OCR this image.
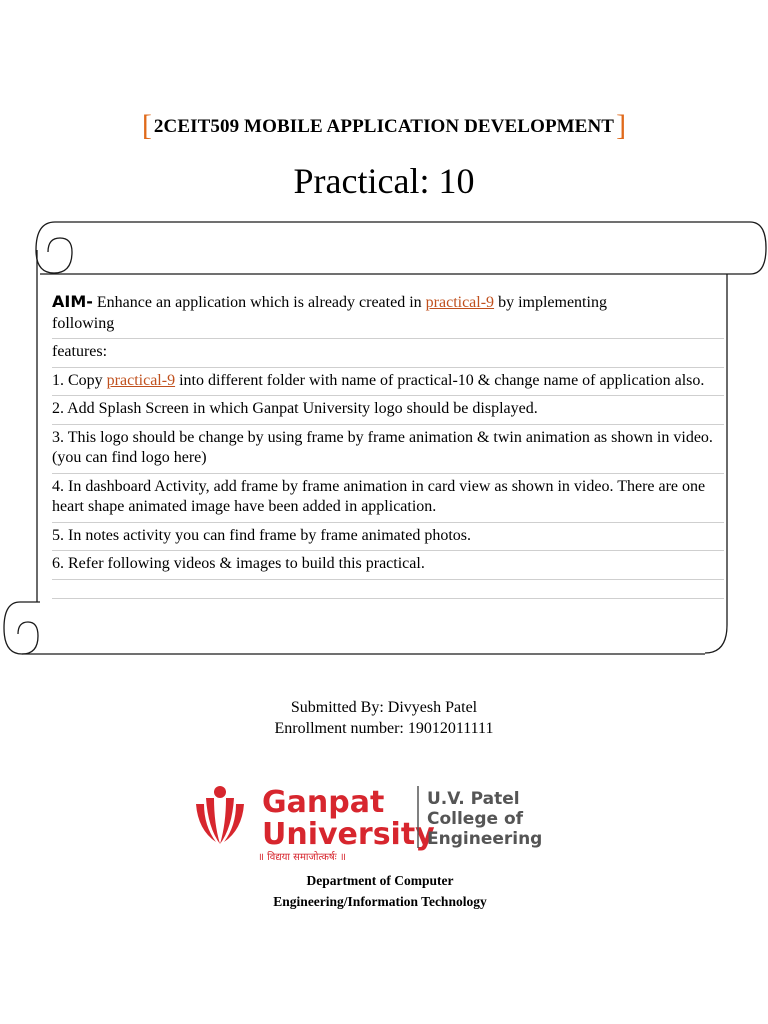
[ 2CEIT509 MOBILE APPLICATION DEVELOPMENT]
Practical: 10
AIM- Enhance an application which is already created in practical-9 by implementing
following
features:
1. Copy practical-9 into different folder with name of practical-10 & change name of application also.
2. Add Splash Screen in which Ganpat University logo should be displayed.
3. This logo should be change by using frame by frame animation & twin animation as shown in video. (you can find logo here)
4. In dashboard Activity, add frame by frame animation in card view as shown in video. There are one heart shape animated image have been added in application.
5. In notes activity you can find frame by frame animated photos.
6. Refer following videos & images to build this practical.
Submitted By: Divyesh Patel
Enrollment number: 19012011111
Ganpat
University
॥ विद्यया समाजोत्कर्षः ॥
U.V. Patel
College of
Engineering
Department of Computer
Engineering/Information Technology
